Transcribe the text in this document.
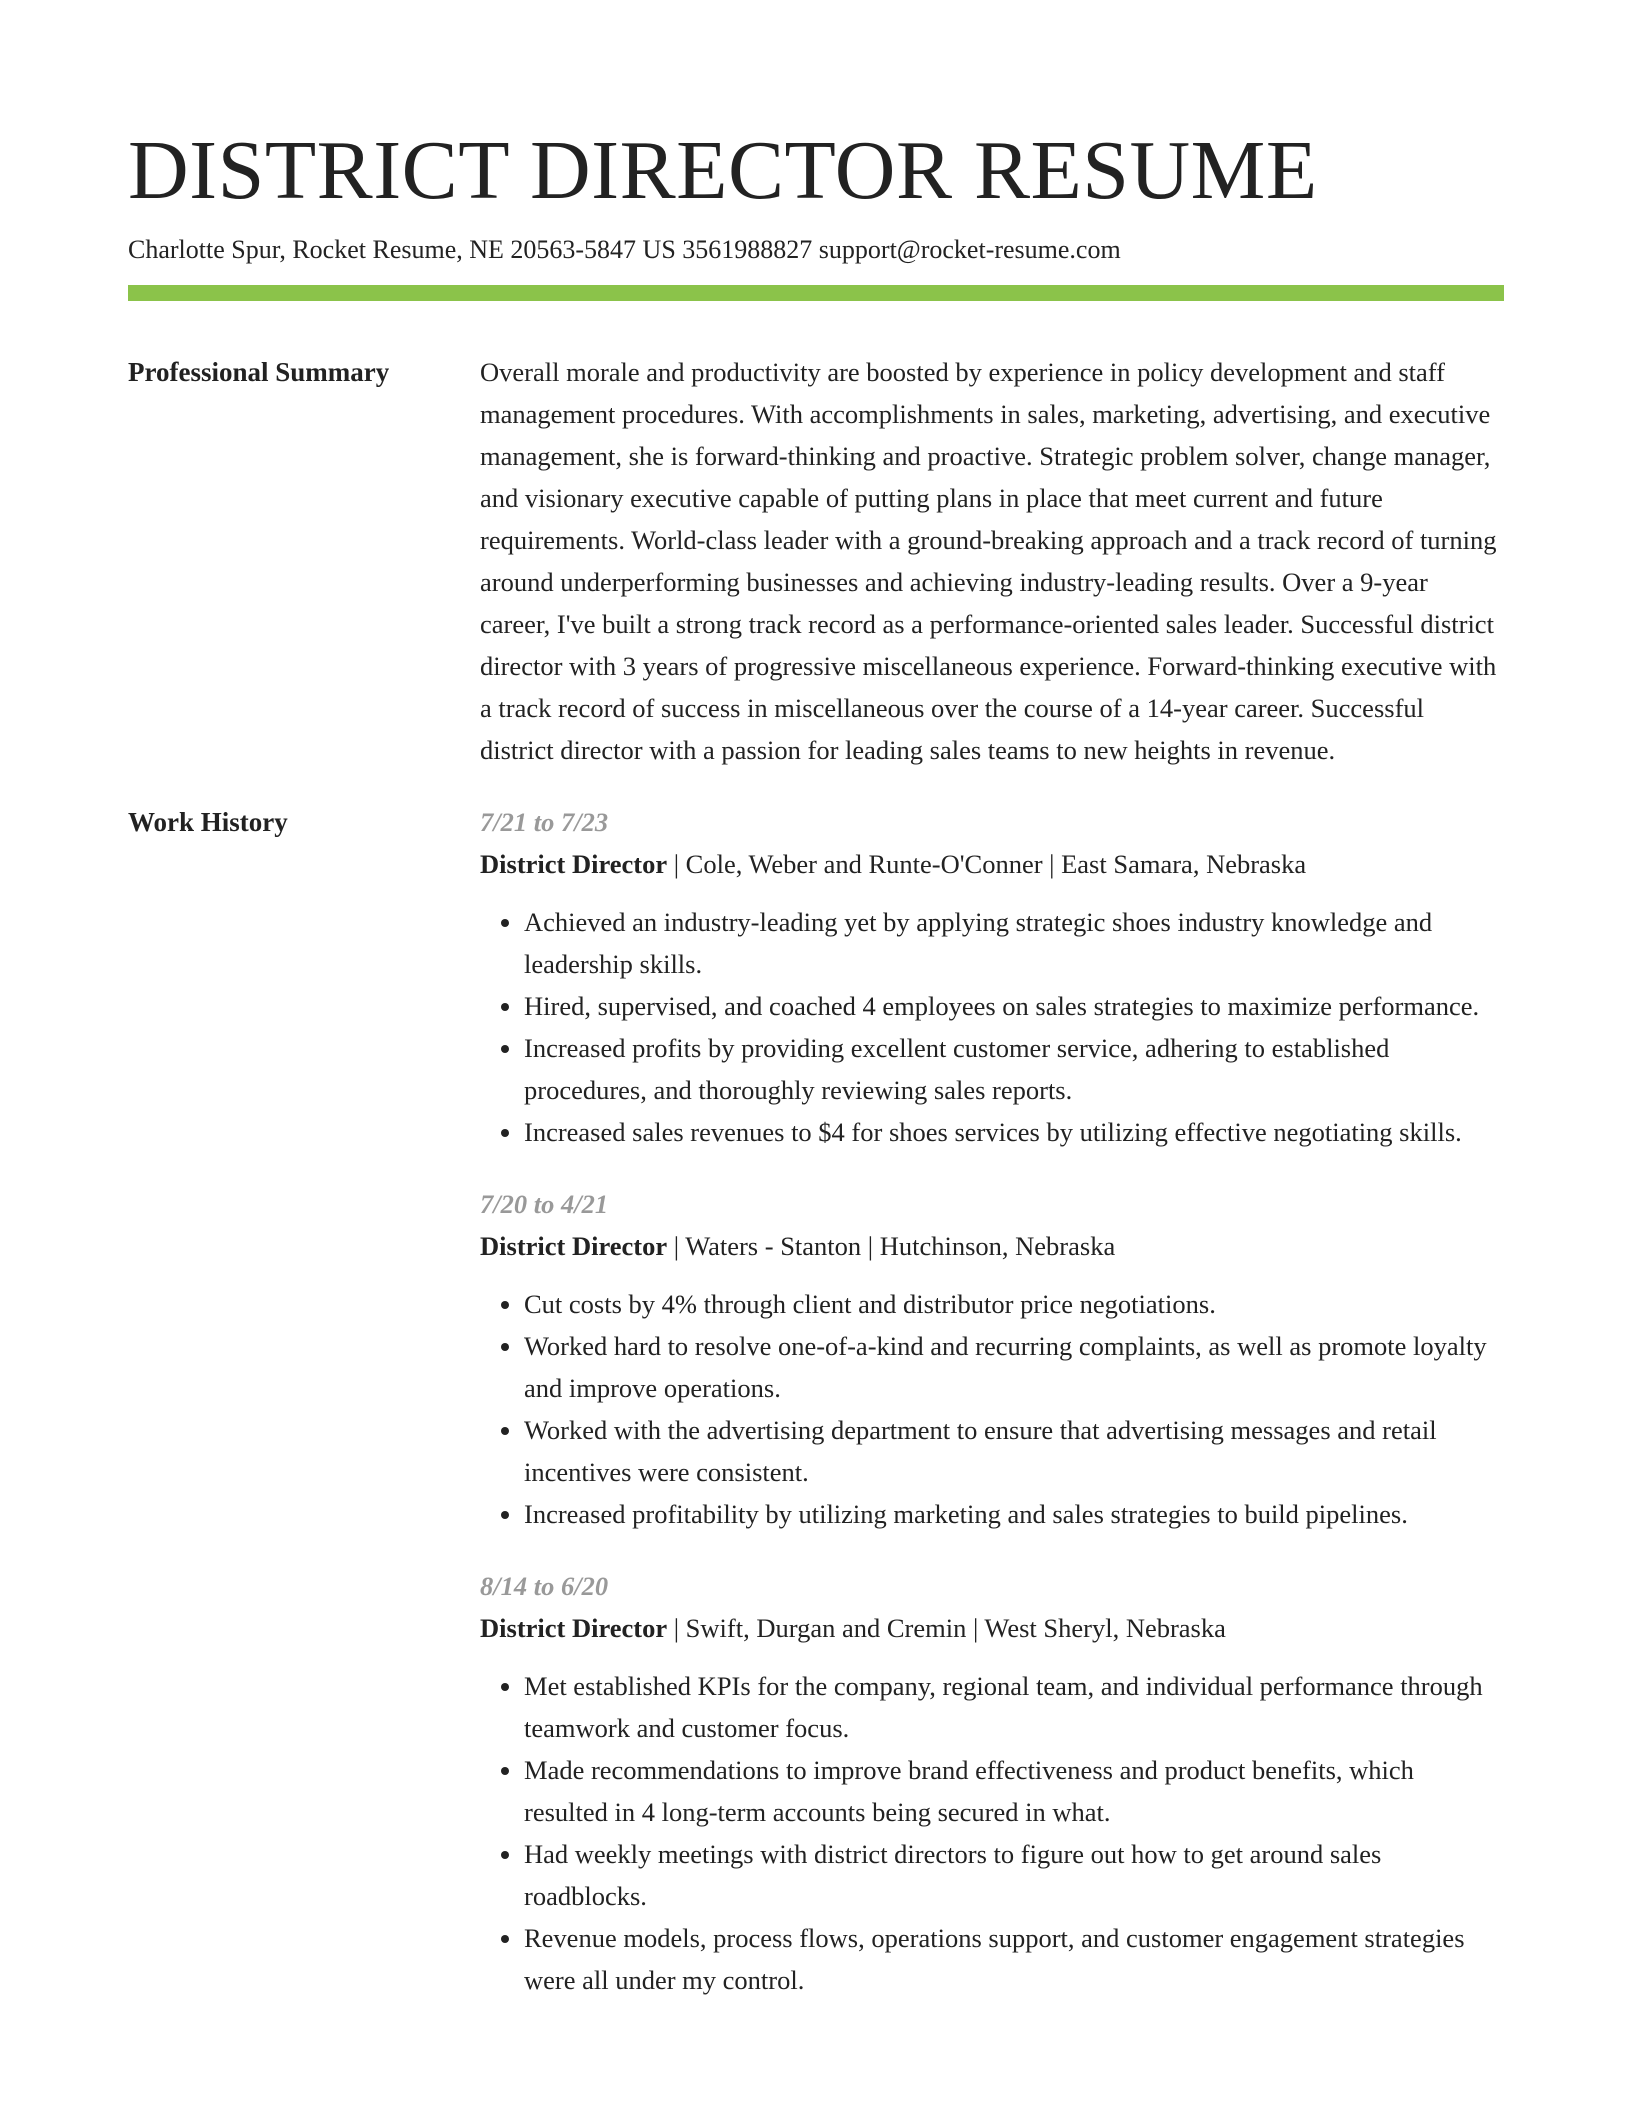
DISTRICT DIRECTOR RESUME
Charlotte Spur, Rocket Resume, NE 20563-5847 US 3561988827 support@rocket-resume.com
Professional Summary	Overall morale and productivity are boosted by experience in policy development and staff management procedures. With accomplishments in sales, marketing, advertising, and executive management, she is forward-thinking and proactive. Strategic problem solver, change manager, and visionary executive capable of putting plans in place that meet current and future requirements. World-class leader with a ground-breaking approach and a track record of turning around underperforming businesses and achieving industry-leading results. Over a 9-year career, I've built a strong track record as a performance-oriented sales leader. Successful district director with 3 years of progressive miscellaneous experience. Forward-thinking executive with a track record of success in miscellaneous over the course of a 14-year career. Successful district director with a passion for leading sales teams to new heights in revenue.

Work History	7/21 to 7/23
District Director | Cole, Weber and Runte-O'Conner | East Samara, Nebraska
• Achieved an industry-leading yet by applying strategic shoes industry knowledge and leadership skills.
• Hired, supervised, and coached 4 employees on sales strategies to maximize performance.
• Increased profits by providing excellent customer service, adhering to established procedures, and thoroughly reviewing sales reports.
• Increased sales revenues to $4 for shoes services by utilizing effective negotiating skills.
7/20 to 4/21
District Director | Waters - Stanton | Hutchinson, Nebraska
• Cut costs by 4% through client and distributor price negotiations.
• Worked hard to resolve one-of-a-kind and recurring complaints, as well as promote loyalty and improve operations.
• Worked with the advertising department to ensure that advertising messages and retail incentives were consistent.
• Increased profitability by utilizing marketing and sales strategies to build pipelines.
8/14 to 6/20
District Director | Swift, Durgan and Cremin | West Sheryl, Nebraska
• Met established KPIs for the company, regional team, and individual performance through teamwork and customer focus.
• Made recommendations to improve brand effectiveness and product benefits, which resulted in 4 long-term accounts being secured in what.
• Had weekly meetings with district directors to figure out how to get around sales roadblocks.
• Revenue models, process flows, operations support, and customer engagement strategies were all under my control.
